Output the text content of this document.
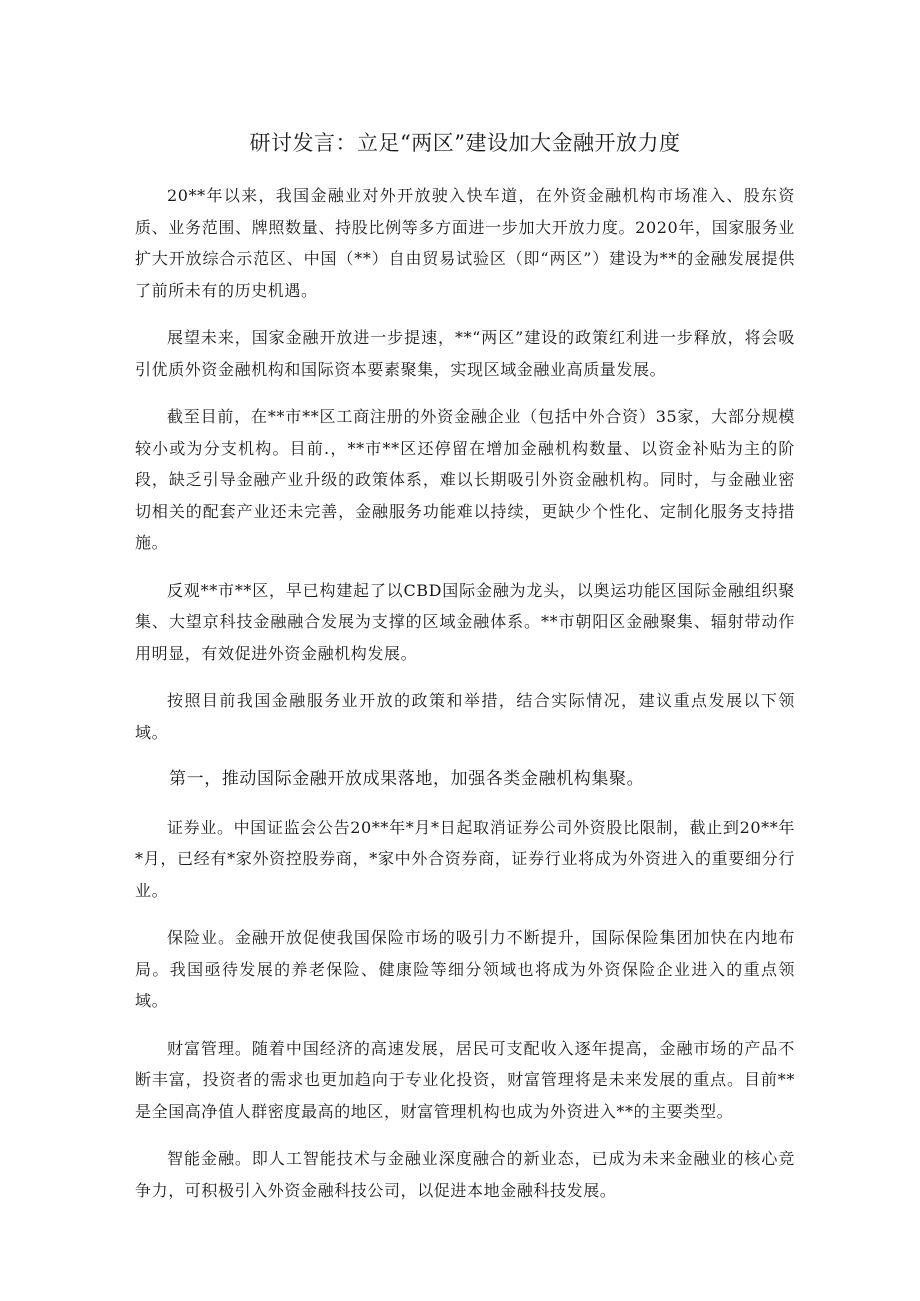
研讨发言：立足“两区”建设加大金融开放力度

20**年以来，我国金融业对外开放驶入快车道，在外资金融机构市场准入、股东资质、业务范围、牌照数量、持股比例等多方面进一步加大开放力度。2020年，国家服务业扩大开放综合示范区、中国（**）自由贸易试验区（即“两区”）建设为**的金融发展提供了前所未有的历史机遇。

展望未来，国家金融开放进一步提速，**“两区”建设的政策红利进一步释放，将会吸引优质外资金融机构和国际资本要素聚集，实现区域金融业高质量发展。

截至目前，在**市**区工商注册的外资金融企业（包括中外合资）35家，大部分规模较小或为分支机构。目前.，**市**区还停留在增加金融机构数量、以资金补贴为主的阶段，缺乏引导金融产业升级的政策体系，难以长期吸引外资金融机构。同时，与金融业密切相关的配套产业还未完善，金融服务功能难以持续，更缺少个性化、定制化服务支持措施。

反观**市**区，早已构建起了以CBD国际金融为龙头，以奥运功能区国际金融组织聚集、大望京科技金融融合发展为支撑的区域金融体系。**市朝阳区金融聚集、辐射带动作用明显，有效促进外资金融机构发展。

按照目前我国金融服务业开放的政策和举措，结合实际情况，建议重点发展以下领域。

第一，推动国际金融开放成果落地，加强各类金融机构集聚。

证券业。中国证监会公告20**年*月*日起取消证券公司外资股比限制，截止到20**年*月，已经有*家外资控股券商，*家中外合资券商，证券行业将成为外资进入的重要细分行业。

保险业。金融开放促使我国保险市场的吸引力不断提升，国际保险集团加快在内地布局。我国亟待发展的养老保险、健康险等细分领域也将成为外资保险企业进入的重点领域。

财富管理。随着中国经济的高速发展，居民可支配收入逐年提高，金融市场的产品不断丰富，投资者的需求也更加趋向于专业化投资，财富管理将是未来发展的重点。目前**是全国高净值人群密度最高的地区，财富管理机构也成为外资进入**的主要类型。

智能金融。即人工智能技术与金融业深度融合的新业态，已成为未来金融业的核心竞争力，可积极引入外资金融科技公司，以促进本地金融科技发展。
